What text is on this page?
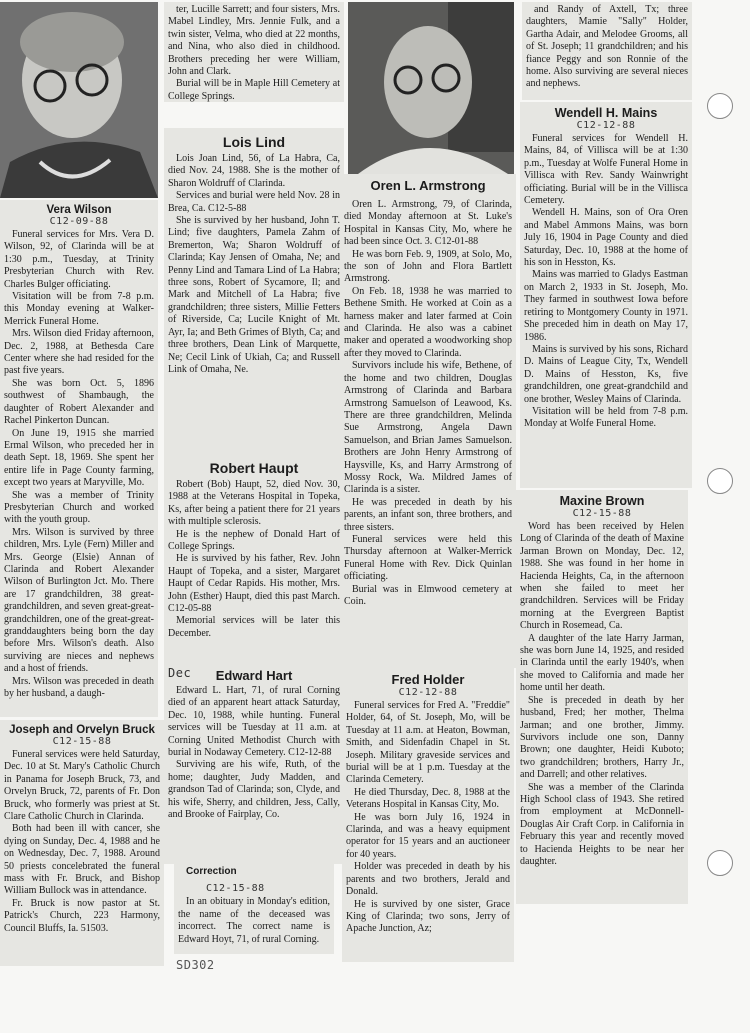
Vera Wilson
C12-09-88

Funeral services for Mrs. Vera D. Wilson, 92, of Clarinda will be at 1:30 p.m., Tuesday, at Trinity Presbyterian Church with Rev. Charles Bulger officiating.

Visitation will be from 7-8 p.m. this Monday evening at Walker-Merrick Funeral Home.

Mrs. Wilson died Friday afternoon, Dec. 2, 1988, at Bethesda Care Center where she had resided for the past five years.

She was born Oct. 5, 1896 southwest of Shambaugh, the daughter of Robert Alexander and Rachel Pinkerton Duncan.

On June 19, 1915 she married Ermal Wilson, who preceded her in death Sept. 18, 1969. She spent her entire life in Page County farming, except two years at Maryville, Mo.

She was a member of Trinity Presbyterian Church and worked with the youth group.

Mrs. Wilson is survived by three children, Mrs. Lyle (Fern) Miller and Mrs. George (Elsie) Annan of Clarinda and Robert Alexander Wilson of Burlington Jct. Mo. There are 17 grandchildren, 38 great-grandchildren, and seven great-great-grandchildren, one of the great-great-granddaughters being born the day before Mrs. Wilson's death. Also surviving are nieces and nephews and a host of friends.

Mrs. Wilson was preceded in death by her husband, a daugh-

Joseph and Orvelyn Bruck
C12-15-88

Funeral services were held Saturday, Dec. 10 at St. Mary's Catholic Church in Panama for Joseph Bruck, 73, and Orvelyn Bruck, 72, parents of Fr. Don Bruck, who formerly was priest at St. Clare Catholic Church in Clarinda.

Both had been ill with cancer, she dying on Sunday, Dec. 4, 1988 and he on Wednesday, Dec. 7, 1988. Around 50 priests concelebrated the funeral mass with Fr. Bruck, and Bishop William Bullock was in attendance.

Fr. Bruck is now pastor at St. Patrick's Church, 223 Harmony, Council Bluffs, Ia. 51503.

ter, Lucille Sarrett; and four sisters, Mrs. Mabel Lindley, Mrs. Jennie Fulk, and a twin sister, Velma, who died at 22 months, and Nina, who also died in childhood. Brothers preceding her were William, John and Clark.

Burial will be in Maple Hill Cemetery at College Springs.

Lois Lind

Lois Joan Lind, 56, of La Habra, Ca, died Nov. 24, 1988. She is the mother of Sharon Woldruff of Clarinda.

Services and burial were held Nov. 28 in Brea, Ca. C12-5-88

She is survived by her husband, John T. Lind; five daughters, Pamela Zahm of Bremerton, Wa; Sharon Woldruff of Clarinda; Kay Jensen of Omaha, Ne; and Penny Lind and Tamara Lind of La Habra; three sons, Robert of Sycamore, Il; and Mark and Mitchell of La Habra; five grandchildren; three sisters, Millie Fetters of Riverside, Ca; Lucile Knight of Mt. Ayr, Ia; and Beth Grimes of Blyth, Ca; and three brothers, Dean Link of Marquette, Ne; Cecil Link of Ukiah, Ca; and Russell Link of Omaha, Ne.

Robert Haupt

Robert (Bob) Haupt, 52, died Nov. 30, 1988 at the Veterans Hospital in Topeka, Ks, after being a patient there for 21 years with multiple sclerosis.

He is the nephew of Donald Hart of College Springs.

He is survived by his father, Rev. John Haupt of Topeka, and a sister, Margaret Haupt of Cedar Rapids. His mother, Mrs. John (Esther) Haupt, died this past March. C12-05-88

Memorial services will be later this December.

Dec	Edward Hart

Edward L. Hart, 71, of rural Corning died of an apparent heart attack Saturday, Dec. 10, 1988, while hunting. Funeral services will be Tuesday at 11 a.m. at Corning United Methodist Church with burial in Nodaway Cemetery. C12-12-88

Surviving are his wife, Ruth, of the home; daughter, Judy Madden, and grandson Tad of Clarinda; son, Clyde, and his wife, Sherry, and children, Jess, Cally, and Brooke of Fairplay, Co.

Correction

C12-15-88

In an obituary in Monday's edition, the name of the deceased was incorrect. The correct name is Edward Hoyt, 71, of rural Corning.

SD302
Oren L. Armstrong

Oren L. Armstrong, 79, of Clarinda, died Monday afternoon at St. Luke's Hospital in Kansas City, Mo, where he had been since Oct. 3. C12-01-88

He was born Feb. 9, 1909, at Solo, Mo, the son of John and Flora Bartlett Armstrong.

On Feb. 18, 1938 he was married to Bethene Smith. He worked at Coin as a harness maker and later farmed at Coin and Clarinda. He also was a cabinet maker and operated a woodworking shop after they moved to Clarinda.

Survivors include his wife, Bethene, of the home and two children, Douglas Armstrong of Clarinda and Barbara Armstrong Samuelson of Leawood, Ks. There are three grandchildren, Melinda Sue Armstrong, Angela Dawn Samuelson, and Brian James Samuelson. Brothers are John Henry Armstrong of Haysville, Ks, and Harry Armstrong of Mossy Rock, Wa. Mildred James of Clarinda is a sister.

He was preceded in death by his parents, an infant son, three brothers, and three sisters.

Funeral services were held this Thursday afternoon at Walker-Merrick Funeral Home with Rev. Dick Quinlan officiating.

Burial was in Elmwood cemetery at Coin.

Fred Holder
C12-12-88

Funeral services for Fred A. "Freddie" Holder, 64, of St. Joseph, Mo, will be Tuesday at 11 a.m. at Heaton, Bowman, Smith, and Sidenfadin Chapel in St. Joseph. Military graveside services and burial will be at 1 p.m. Tuesday at the Clarinda Cemetery.

He died Thursday, Dec. 8, 1988 at the Veterans Hospital in Kansas City, Mo.

He was born July 16, 1924 in Clarinda, and was a heavy equipment operator for 15 years and an auctioneer for 40 years.

Holder was preceded in death by his parents and two brothers, Jerald and Donald.

He is survived by one sister, Grace King of Clarinda; two sons, Jerry of Apache Junction, Az;

and Randy of Axtell, Tx; three daughters, Mamie "Sally" Holder, Gartha Adair, and Melodee Grooms, all of St. Joseph; 11 grandchildren; and his fiance Peggy and son Ronnie of the home. Also surviving are several nieces and nephews.

Wendell H. Mains
C12-12-88

Funeral services for Wendell H. Mains, 84, of Villisca will be at 1:30 p.m., Tuesday at Wolfe Funeral Home in Villisca with Rev. Sandy Wainwright officiating. Burial will be in the Villisca Cemetery.

Wendell H. Mains, son of Ora Oren and Mabel Ammons Mains, was born July 16, 1904 in Page County and died Saturday, Dec. 10, 1988 at the home of his son in Hesston, Ks.

Mains was married to Gladys Eastman on March 2, 1933 in St. Joseph, Mo. They farmed in southwest Iowa before retiring to Montgomery County in 1971. She preceded him in death on May 17, 1986.

Mains is survived by his sons, Richard D. Mains of League City, Tx, Wendell D. Mains of Hesston, Ks, five grandchildren, one great-grandchild and one brother, Wesley Mains of Clarinda.

Visitation will be held from 7-8 p.m. Monday at Wolfe Funeral Home.

Maxine Brown
C12-15-88

Word has been received by Helen Long of Clarinda of the death of Maxine Jarman Brown on Monday, Dec. 12, 1988. She was found in her home in Hacienda Heights, Ca, in the afternoon when she failed to meet her grandchildren. Services will be Friday morning at the Evergreen Baptist Church in Rosemead, Ca.

A daughter of the late Harry Jarman, she was born June 14, 1925, and resided in Clarinda until the early 1940's, when she moved to California and made her home until her death.

She is preceded in death by her husband, Fred; her mother, Thelma Jarman; and one brother, Jimmy. Survivors include one son, Danny Brown; one daughter, Heidi Kuboto; two grandchildren; brothers, Harry Jr., and Darrell; and other relatives.

She was a member of the Clarinda High School class of 1943. She retired from employment at McDonnell-Douglas Air Craft Corp. in California in February this year and recently moved to Hacienda Heights to be near her daughter.
